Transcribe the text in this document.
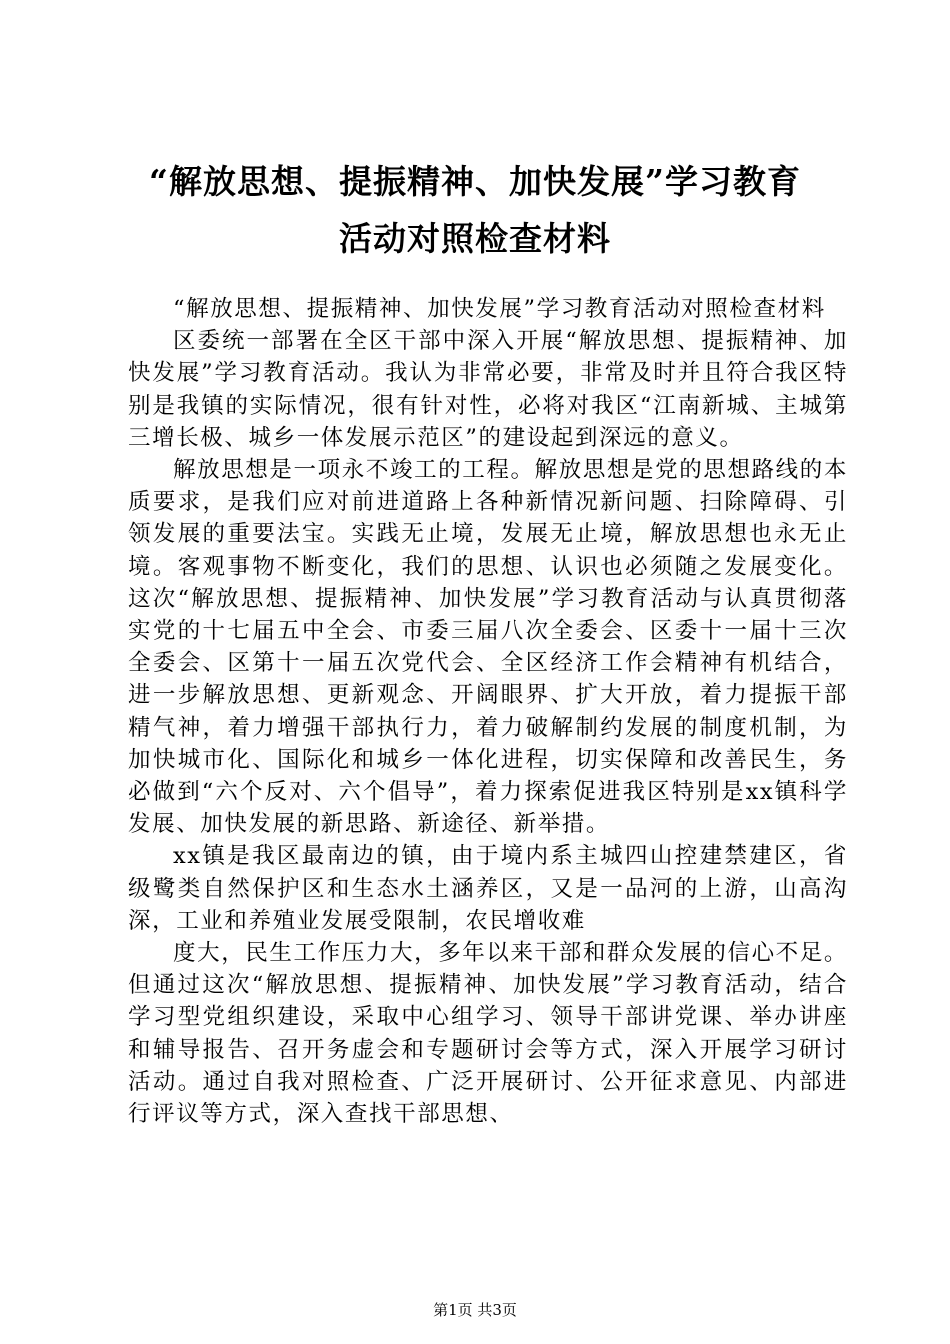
“解放思想、提振精神、加快发展”学习教育
活动对照检查材料

“解放思想、提振精神、加快发展”学习教育活动对照检查材料

区委统一部署在全区干部中深入开展“解放思想、提振精神、加快发展”学习教育活动。我认为非常必要，非常及时并且符合我区特别是我镇的实际情况，很有针对性，必将对我区“江南新城、主城第三增长极、城乡一体发展示范区”的建设起到深远的意义。

解放思想是一项永不竣工的工程。解放思想是党的思想路线的本质要求，是我们应对前进道路上各种新情况新问题、扫除障碍、引领发展的重要法宝。实践无止境，发展无止境，解放思想也永无止境。客观事物不断变化，我们的思想、认识也必须随之发展变化。这次“解放思想、提振精神、加快发展”学习教育活动与认真贯彻落实党的十七届五中全会、市委三届八次全委会、区委十一届十三次全委会、区第十一届五次党代会、全区经济工作会精神有机结合，进一步解放思想、更新观念、开阔眼界、扩大开放，着力提振干部精气神，着力增强干部执行力，着力破解制约发展的制度机制，为加快城市化、国际化和城乡一体化进程，切实保障和改善民生，务必做到“六个反对、六个倡导”，着力探索促进我区特别是xx镇科学发展、加快发展的新思路、新途径、新举措。

xx镇是我区最南边的镇，由于境内系主城四山控建禁建区，省级鹭类自然保护区和生态水土涵养区，又是一品河的上游，山高沟深，工业和养殖业发展受限制，农民增收难

度大，民生工作压力大，多年以来干部和群众发展的信心不足。但通过这次“解放思想、提振精神、加快发展”学习教育活动，结合学习型党组织建设，采取中心组学习、领导干部讲党课、举办讲座和辅导报告、召开务虚会和专题研讨会等方式，深入开展学习研讨活动。通过自我对照检查、广泛开展研讨、公开征求意见、内部进行评议等方式，深入查找干部思想、

第1页 共3页
